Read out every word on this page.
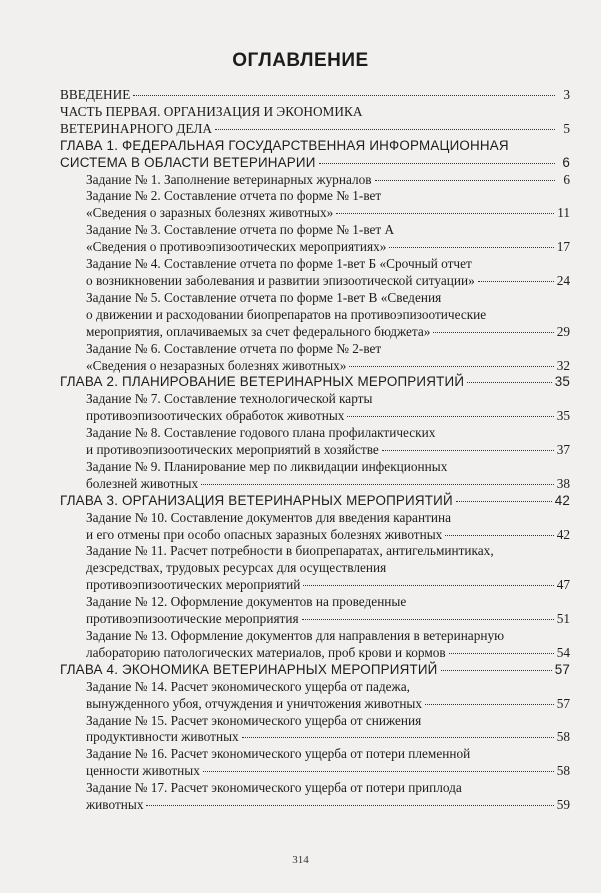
ОГЛАВЛЕНИЕ
ВВЕДЕНИЕ	3
ЧАСТЬ ПЕРВАЯ. ОРГАНИЗАЦИЯ И ЭКОНОМИКА
ВЕТЕРИНАРНОГО ДЕЛА	5
ГЛАВА 1. ФЕДЕРАЛЬНАЯ ГОСУДАРСТВЕННАЯ ИНФОРМАЦИОННАЯ
СИСТЕМА В ОБЛАСТИ ВЕТЕРИНАРИИ	6
Задание № 1. Заполнение ветеринарных журналов	6
Задание № 2. Составление отчета по форме № 1-вет
«Сведения о заразных болезнях животных»	11
Задание № 3. Составление отчета по форме № 1-вет А
«Сведения о противоэпизоотических мероприятиях»	17
Задание № 4. Составление отчета по форме 1-вет Б «Срочный отчет
о возникновении заболевания и развитии эпизоотической ситуации»	24
Задание № 5. Составление отчета по форме 1-вет В «Сведения
о движении и расходовании биопрепаратов на противоэпизоотические
мероприятия, оплачиваемых за счет федерального бюджета»	29
Задание № 6. Составление отчета по форме № 2-вет
«Сведения о незаразных болезнях животных»	32
ГЛАВА 2. ПЛАНИРОВАНИЕ ВЕТЕРИНАРНЫХ МЕРОПРИЯТИЙ	35
Задание № 7. Составление технологической карты
противоэпизоотических обработок животных	35
Задание № 8. Составление годового плана профилактических
и противоэпизоотических мероприятий в хозяйстве	37
Задание № 9. Планирование мер по ликвидации инфекционных
болезней животных	38
ГЛАВА 3. ОРГАНИЗАЦИЯ ВЕТЕРИНАРНЫХ МЕРОПРИЯТИЙ	42
Задание № 10. Составление документов для введения карантина
и его отмены при особо опасных заразных болезнях животных	42
Задание № 11. Расчет потребности в биопрепаратах, антигельминтиках,
дезсредствах, трудовых ресурсах для осуществления
противоэпизоотических мероприятий	47
Задание № 12. Оформление документов на проведенные
противоэпизоотические мероприятия	51
Задание № 13. Оформление документов для направления в ветеринарную
лабораторию патологических материалов, проб крови и кормов	54
ГЛАВА 4. ЭКОНОМИКА ВЕТЕРИНАРНЫХ МЕРОПРИЯТИЙ	57
Задание № 14. Расчет экономического ущерба от падежа,
вынужденного убоя, отчуждения и уничтожения животных	57
Задание № 15. Расчет экономического ущерба от снижения
продуктивности животных	58
Задание № 16. Расчет экономического ущерба от потери племенной
ценности животных	58
Задание № 17. Расчет экономического ущерба от потери приплода
животных	59
314
